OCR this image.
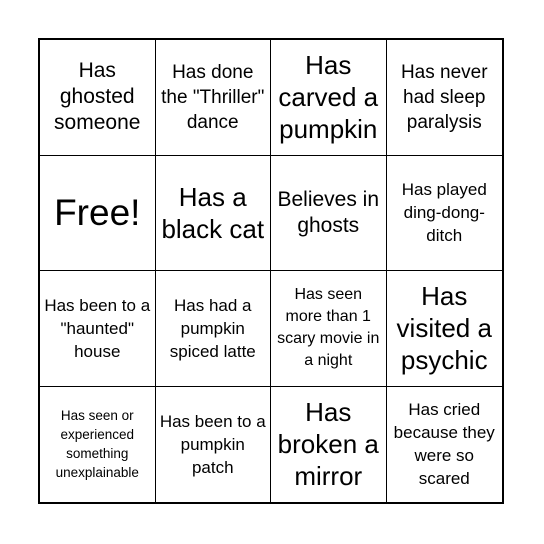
Has ghosted someone
Has done the "Thriller" dance
Has carved a pumpkin
Has never had sleep paralysis
Free!	Has a black cat
Believes in ghosts
Has played ding-dong-ditch
Has been to a "haunted" house
Has had a pumpkin spiced latte
Has seen more than 1 scary movie in a night
Has visited a psychic
Has seen or experienced something unexplainable
Has been to a pumpkin patch
Has broken a mirror
Has cried because they were so scared
